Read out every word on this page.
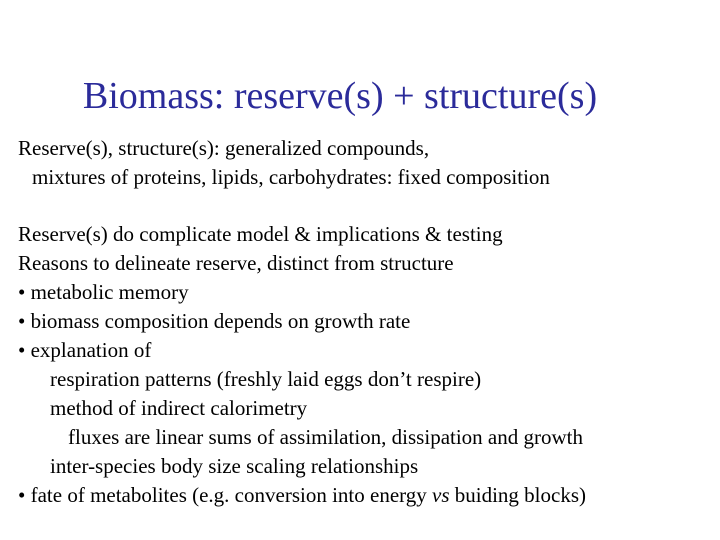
Biomass: reserve(s) + structure(s)
Reserve(s), structure(s): generalized compounds,
mixtures of proteins, lipids, carbohydrates: fixed composition
Reserve(s) do complicate model & implications & testing
Reasons to delineate reserve, distinct from structure
• metabolic memory
• biomass composition depends on growth rate
• explanation of
respiration patterns (freshly laid eggs don’t respire)
method of indirect calorimetry
fluxes are linear sums of assimilation, dissipation and growth
inter-species body size scaling relationships
• fate of metabolites (e.g. conversion into energy vs buiding blocks)
